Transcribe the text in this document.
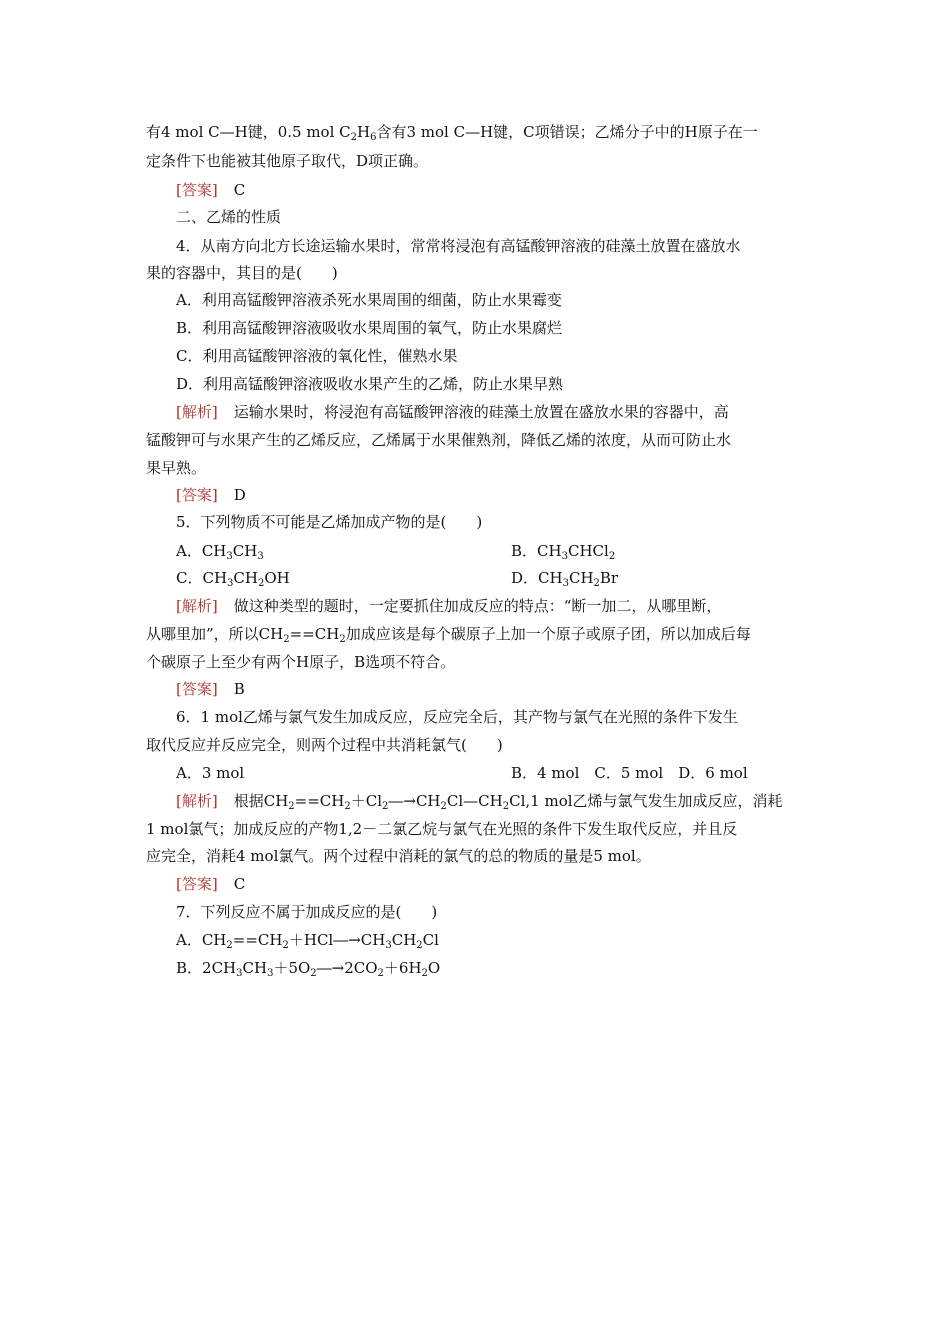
有4 mol C—H键，0.5 mol $C_2H_6$含有3 mol C—H键，C项错误；乙烯分子中的H原子在一
定条件下也能被其他原子取代，D项正确。
[答案] C
二、乙烯的性质
4．从南方向北方长途运输水果时，常常将浸泡有高锰酸钾溶液的硅藻土放置在盛放水
果的容器中，其目的是(　　)
A．利用高锰酸钾溶液杀死水果周围的细菌，防止水果霉变
B．利用高锰酸钾溶液吸收水果周围的氧气，防止水果腐烂
C．利用高锰酸钾溶液的氧化性，催熟水果
D．利用高锰酸钾溶液吸收水果产生的乙烯，防止水果早熟
[解析] 运输水果时，将浸泡有高锰酸钾溶液的硅藻土放置在盛放水果的容器中，高
锰酸钾可与水果产生的乙烯反应，乙烯属于水果催熟剂，降低乙烯的浓度，从而可防止水
果早熟。
[答案] D
5．下列物质不可能是乙烯加成产物的是(　　)
A．$CH_3CH_3$	B．$CH_3CHCl_2$
C．$CH_3CH_2OH$	D．$CH_3CH_2Br$
[解析] 做这种类型的题时，一定要抓住加成反应的特点：“断一加二，从哪里断，
从哪里加”，所以$CH_2==CH_2$加成应该是每个碳原子上加一个原子或原子团，所以加成后每
个碳原子上至少有两个H原子，B选项不符合。
[答案] B
6．1 mol乙烯与氯气发生加成反应，反应完全后，其产物与氯气在光照的条件下发生
取代反应并反应完全，则两个过程中共消耗氯气(　　)
A．3 mol	B．4 mol　C．5 mol　D．6 mol
[解析] 根据$CH_2==CH_2+Cl_2―\to CH_2Cl—CH_2Cl,1$ mol乙烯与氯气发生加成反应，消耗
1 mol氯气；加成反应的产物1,2－二氯乙烷与氯气在光照的条件下发生取代反应，并且反
应完全，消耗4 mol氯气。两个过程中消耗的氯气的总的物质的量是5 mol。
[答案] C
7．下列反应不属于加成反应的是(　　)
A．$CH_2==CH_2+HCl―\to CH_3CH_2Cl$
B．$2CH_3CH_3+5O_2―\to 2CO_2+6H_2O$
